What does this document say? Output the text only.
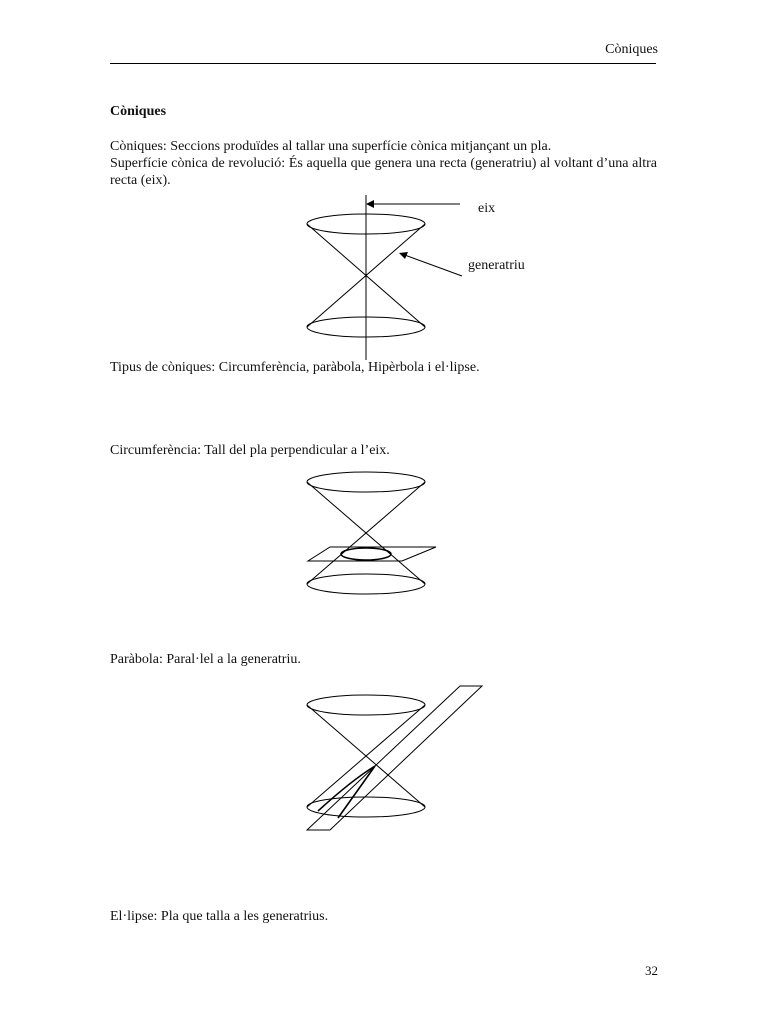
Còniques
Còniques
Còniques: Seccions produïdes al tallar una superfície cònica mitjançant un pla.
Superfície cònica de revolució: És aquella que genera una recta (generatriu) al voltant d’una altra recta (eix).
eix
generatriu
Tipus de còniques: Circumferència, paràbola, Hipèrbola i el·lipse.
Circumferència: Tall del pla perpendicular a l’eix.
Paràbola: Paral·lel a la generatriu.
El·lipse: Pla que talla a les generatrius.
32
